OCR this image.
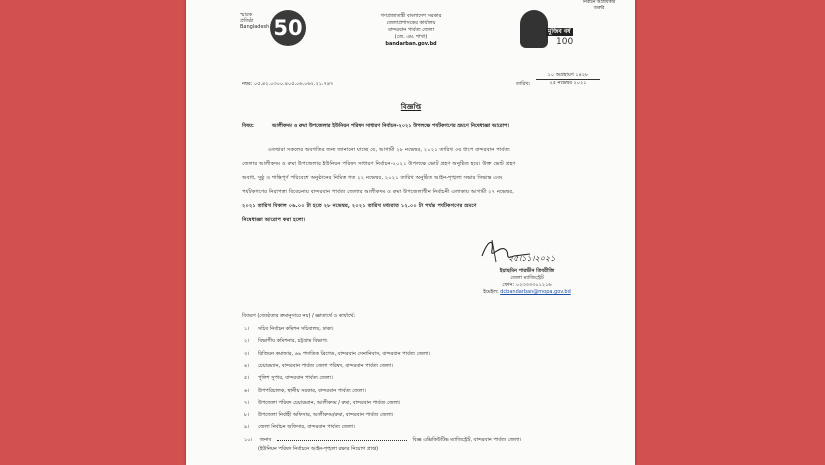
স্মারক
প্রতিষ্ঠা
Bangladesh 50	গণপ্রজাতন্ত্রী বাংলাদেশ সরকার
জেলাপ্রশাসকের কার্যালয়
বান্দরবান পার্বত্য জেলা
(জে. এম. শাখা)
bandarban.gov.bd
মুজিব বর্ষ
100
নির্বাচন অগ্রাধিকার
জরুরি
নম্বর: ০৫.৪২.০৩০০.৪০৫.০৬.০৬২.২১.৭৪৭	তারিখ:
১০ অগ্রহায়ণ ১৪২৮
২৫ নভেম্বর ২০২১
বিজ্ঞপ্তি
বিষয়:	আলীকদম ও রুমা উপজেলার ইউনিয়ন পরিষদ সাধারণ নির্বাচন-২০২১ উপলক্ষে পর্যটকগণের ভ্রমণে নিষেধাজ্ঞা আরোপ।
এতদ্বারা সকলের অবগতির জন্য জানানো যাচ্ছে যে, আগামী ২৮ নভেম্বর, ২০২১ তারিখ ৩য় ধাপে বান্দরবান পার্বত্য
জেলার আলীকদম ও রুমা উপজেলার ইউনিয়ন পরিষদ সাধারণ নির্বাচন-২০২১ উপলক্ষে ভোট গ্রহণ অনুষ্ঠিত হবে। উক্ত ভোট গ্রহণ
অবাধ, সুষ্ঠু ও শান্তিপূর্ণ পরিবেশে অনুষ্ঠানের নিমিত্ত গত ২২ নভেম্বর, ২০২১ তারিখ অনুষ্ঠিত আইন-শৃঙ্খলা সভার সিদ্ধান্ত এবং
পর্যটকগণের নিরাপত্তা বিবেচনায় বান্দরবান পার্বত্য জেলার আলীকদম ও রুমা উপজেলাধীন নির্বাচনী এলাকায় আগামী ২৭ নভেম্বর,
২০২১ তারিখ বিকাল ০৬.০০ টা হতে ২৮ নভেম্বর, ২০২১ তারিখ মধ্যরাত ১২.০০ টা পর্যন্ত পর্যটকগণের ভ্রমণে
নিষেধাজ্ঞা আরোপ করা হলো।
২৫।১১।২০২১
ইয়াছমিন পারভীন তিবরীজি
জেলা ম্যাজিস্ট্রেট
ফোন: ০২৩৩৩৩০১২১৬
ইমেইল: dcbandarban@mopa.gov.bd
বিতরণ (জ্যেষ্ঠতার ক্রমানুসারে নয়) / জ্ঞাতার্থে ও কার্যার্থে:
১। সচিব নির্বাচন কমিশন সচিবালয়, ঢাকা।
২। বিভাগীয় কমিশনার, চট্টগ্রাম বিভাগ।
৩। রিজিয়ন কমান্ডার, ৬৯ পদাতিক ব্রিগেড, বান্দরবান সেনানিবাস, বান্দরবান পার্বত্য জেলা।
৪। চেয়ারম্যান, বান্দরবান পার্বত্য জেলা পরিষদ, বান্দরবান পার্বত্য জেলা।
৫। পুলিশ সুপার, বান্দরবান পার্বত্য জেলা।
৬। উপপরিচালক, স্থানীয় সরকার, বান্দরবান পার্বত্য জেলা।
৭। উপজেলা পরিষদ চেয়ারম্যান, আলীকদম / রুমা, বান্দরবান পার্বত্য জেলা।
৮। উপজেলা নির্বাহী অফিসার, আলীকদম/রুমা, বান্দরবান পার্বত্য জেলা।
৯। জেলা নির্বাচন অফিসার, বান্দরবান পার্বত্য জেলা।
১০। জনাব	বিজ্ঞ এক্সিকিউটিভ ম্যাজিস্ট্রেট, বান্দরবান পার্বত্য জেলা।
(ইউনিয়ন পরিষদ নির্বাচনে আইন-শৃঙ্খলা রক্ষার নিয়োগ প্রাপ্ত)
